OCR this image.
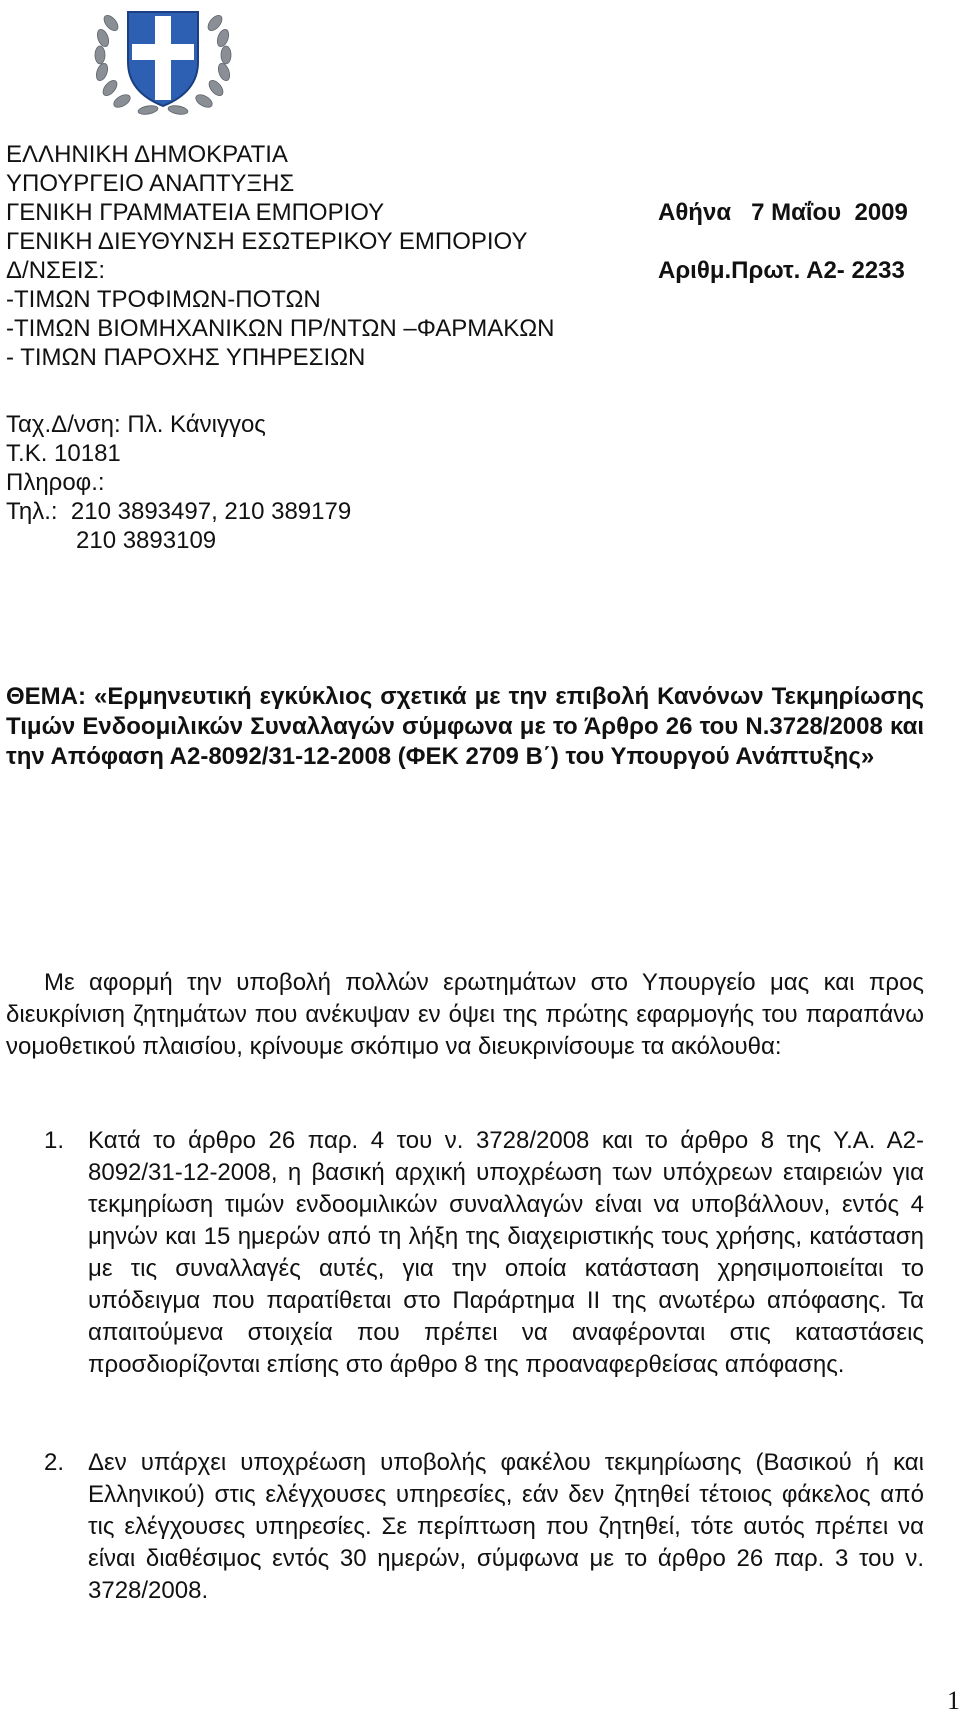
ΕΛΛΗΝΙΚΗ ΔΗΜΟΚΡΑΤΙΑ
ΥΠΟΥΡΓΕΙΟ ΑΝΑΠΤΥΞΗΣ
ΓΕΝΙΚΗ ΓΡΑΜΜΑΤΕΙΑ ΕΜΠΟΡΙΟΥ
ΓΕΝΙΚΗ ΔΙΕΥΘΥΝΣΗ ΕΣΩΤΕΡΙΚΟΥ ΕΜΠΟΡΙΟΥ
Δ/ΝΣΕΙΣ:
-ΤΙΜΩΝ ΤΡΟΦΙΜΩΝ-ΠΟΤΩΝ
-ΤΙΜΩΝ ΒΙΟΜΗΧΑΝΙΚΩΝ ΠΡ/ΝΤΩΝ –ΦΑΡΜΑΚΩΝ
- ΤΙΜΩΝ ΠΑΡΟΧΗΣ ΥΠΗΡΕΣΙΩΝ
Αθήνα   7 Μαΐου  2009
Αριθμ.Πρωτ. Α2- 2233
Ταχ.Δ/νση: Πλ. Κάνιγγος
Τ.Κ. 10181
Πληροφ.:
Τηλ.:  210 3893497, 210 389179
210 3893109
ΘΕΜΑ: «Ερμηνευτική εγκύκλιος σχετικά με την επιβολή Κανόνων Τεκμηρίωσης Τιμών Ενδοομιλικών Συναλλαγών σύμφωνα με το Άρθρο 26 του Ν.3728/2008 και την Απόφαση Α2-8092/31-12-2008 (ΦΕΚ 2709 Β΄) του Υπουργού Ανάπτυξης»
Με αφορμή την υποβολή πολλών ερωτημάτων στο Υπουργείο μας και προς διευκρίνιση ζητημάτων που ανέκυψαν εν όψει της πρώτης εφαρμογής του παραπάνω νομοθετικού πλαισίου, κρίνουμε σκόπιμο να διευκρινίσουμε τα ακόλουθα:
1. Κατά το άρθρο 26 παρ. 4 του ν. 3728/2008 και το άρθρο 8 της Υ.Α. Α2-8092/31-12-2008, η βασική αρχική υποχρέωση των υπόχρεων εταιρειών για τεκμηρίωση τιμών ενδοομιλικών συναλλαγών είναι να υποβάλλουν, εντός 4 μηνών και 15 ημερών από τη λήξη της διαχειριστικής τους χρήσης, κατάσταση με τις συναλλαγές αυτές, για την οποία κατάσταση χρησιμοποιείται το υπόδειγμα που παρατίθεται στο Παράρτημα ΙΙ της ανωτέρω απόφασης. Τα απαιτούμενα στοιχεία που πρέπει να αναφέρονται στις καταστάσεις προσδιορίζονται επίσης στο άρθρο 8 της προαναφερθείσας απόφασης.
2. Δεν υπάρχει υποχρέωση υποβολής φακέλου τεκμηρίωσης (Βασικού ή και Ελληνικού) στις ελέγχουσες υπηρεσίες, εάν δεν ζητηθεί τέτοιος φάκελος από τις ελέγχουσες υπηρεσίες. Σε περίπτωση που ζητηθεί, τότε αυτός πρέπει να είναι διαθέσιμος εντός 30 ημερών, σύμφωνα με το άρθρο 26 παρ. 3 του ν. 3728/2008.
1
